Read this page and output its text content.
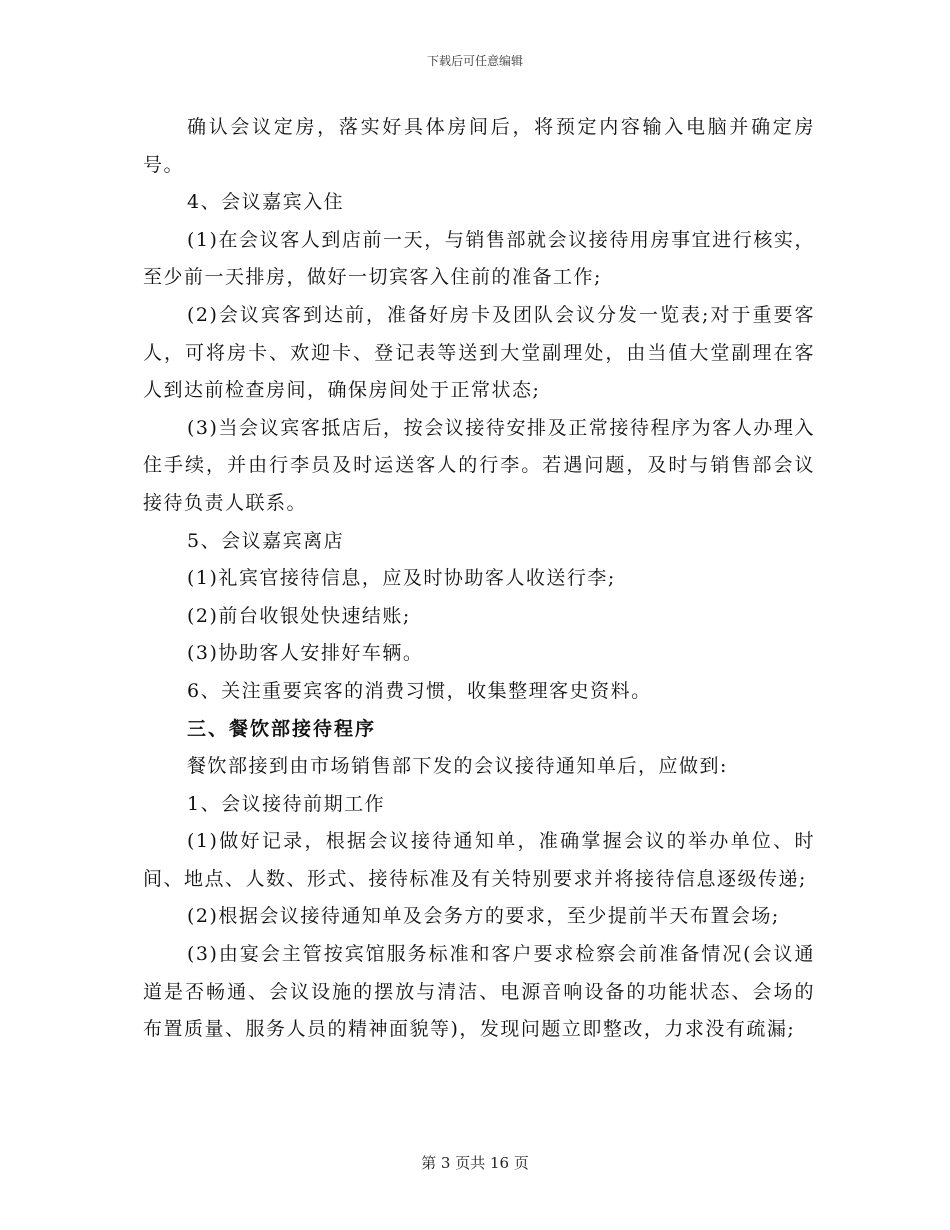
下载后可任意编辑

确认会议定房，落实好具体房间后，将预定内容输入电脑并确定房号。

4、会议嘉宾入住

(1)在会议客人到店前一天，与销售部就会议接待用房事宜进行核实，至少前一天排房，做好一切宾客入住前的准备工作;

(2)会议宾客到达前，准备好房卡及团队会议分发一览表;对于重要客人，可将房卡、欢迎卡、登记表等送到大堂副理处，由当值大堂副理在客人到达前检查房间，确保房间处于正常状态;

(3)当会议宾客抵店后，按会议接待安排及正常接待程序为客人办理入住手续，并由行李员及时运送客人的行李。若遇问题，及时与销售部会议接待负责人联系。

5、会议嘉宾离店

(1)礼宾官接待信息，应及时协助客人收送行李;

(2)前台收银处快速结账;

(3)协助客人安排好车辆。

6、关注重要宾客的消费习惯，收集整理客史资料。

三、餐饮部接待程序

餐饮部接到由市场销售部下发的会议接待通知单后，应做到:

1、会议接待前期工作

(1)做好记录，根据会议接待通知单，准确掌握会议的举办单位、时间、地点、人数、形式、接待标准及有关特别要求并将接待信息逐级传递;

(2)根据会议接待通知单及会务方的要求，至少提前半天布置会场;

(3)由宴会主管按宾馆服务标准和客户要求检察会前准备情况(会议通道是否畅通、会议设施的摆放与清洁、电源音响设备的功能状态、会场的布置质量、服务人员的精神面貌等)，发现问题立即整改，力求没有疏漏;

第 3 页共 16 页
